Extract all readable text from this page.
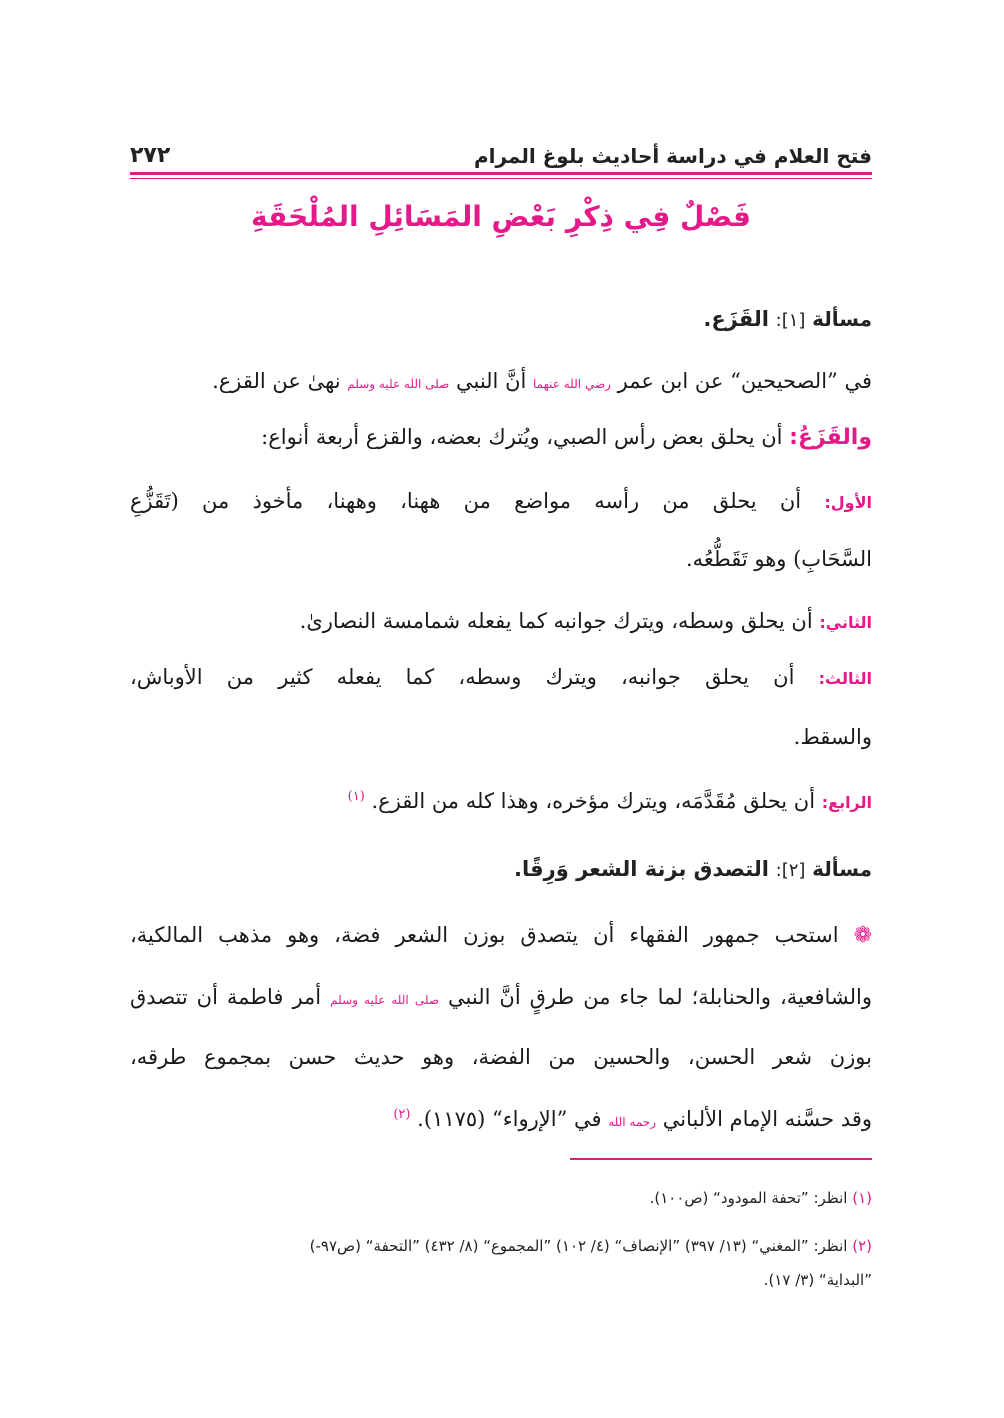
فتح العلام في دراسة أحاديث بلوغ المرام
٢٧٢
فَصْلٌ فِي ذِكْرِ بَعْضِ المَسَائِلِ المُلْحَقَةِ
مسألة [١]: القَزَع.
في ”الصحيحين“ عن ابن عمر رضي الله عنهما أنَّ النبي صلى الله عليه وسلم نهىٰ عن القزع.
والقَزَعُ: أن يحلق بعض رأس الصبي، ويُترك بعضه، والقزع أربعة أنواع:
الأول: أن يحلق من رأسه مواضع من ههنا، وههنا، مأخوذ من (تَقَزُّعِ
السَّحَابِ) وهو تَقَطُّعُه.
الثاني: أن يحلق وسطه، ويترك جوانبه كما يفعله شمامسة النصارىٰ.
الثالث: أن يحلق جوانبه، ويترك وسطه، كما يفعله كثير من الأوباش،
والسقط.
الرابع: أن يحلق مُقَدَّمَه، ويترك مؤخره، وهذا كله من القزع. $^{(١)}$
مسألة [٢]: التصدق بزنة الشعر وَرِقًا.
❁ استحب جمهور الفقهاء أن يتصدق بوزن الشعر فضة، وهو مذهب المالكية،
والشافعية، والحنابلة؛ لما جاء من طرقٍ أنَّ النبي صلى الله عليه وسلم أمر فاطمة أن تتصدق
بوزن شعر الحسن، والحسين من الفضة، وهو حديث حسن بمجموع طرقه،
وقد حسَّنه الإمام الألباني رحمه الله في ”الإرواء“ (١١٧٥). $^{(٢)}$
(١) انظر: ”تحفة المودود“ (ص١٠٠).
(٢) انظر: ”المغني“ (١٣/ ٣٩٧) ”الإنصاف“ (٤/ ١٠٢) ”المجموع“ (٨/ ٤٣٢) ”التحفة“ (ص٩٧-)
”البداية“ (٣/ ١٧).
